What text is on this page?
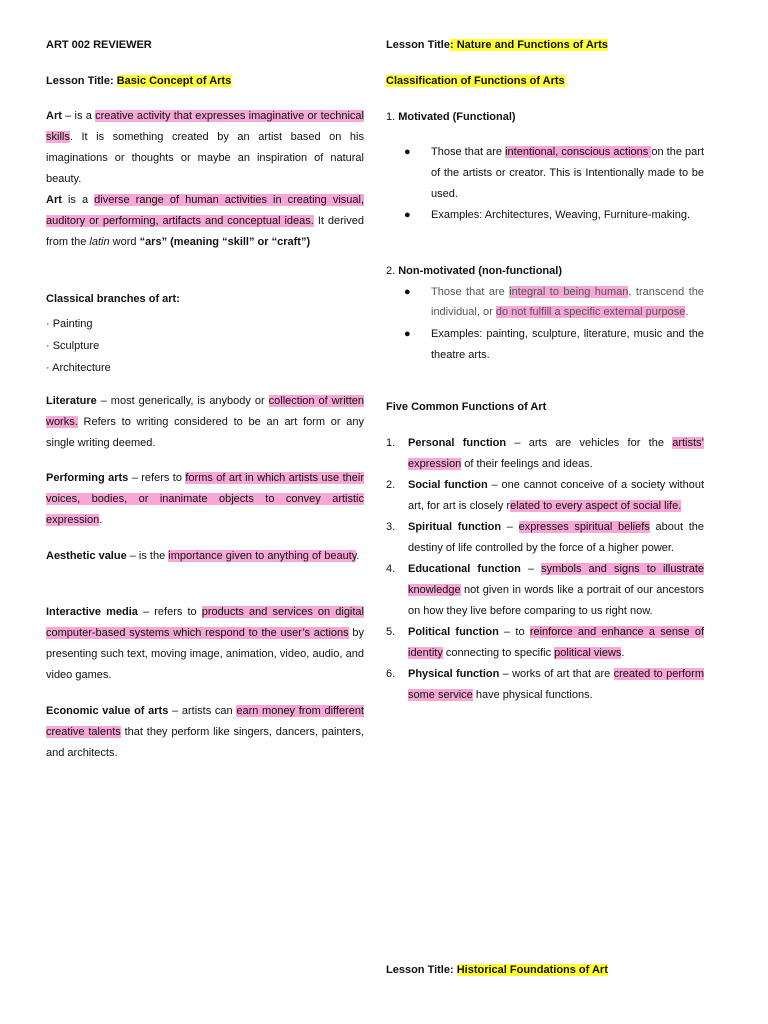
ART 002 REVIEWER
Lesson Title: Basic Concept of Arts
Art – is a creative activity that expresses imaginative or technical skills. It is something created by an artist based on his imaginations or thoughts or maybe an inspiration of natural beauty.
Art is a diverse range of human activities in creating visual, auditory or performing, artifacts and conceptual ideas. It derived from the latin word “ars” (meaning “skill” or “craft”)
Classical branches of art:
· Painting
· Sculpture
· Architecture
Literature – most generically, is anybody or collection of written works. Refers to writing considered to be an art form or any single writing deemed.
Performing arts – refers to forms of art in which artists use their voices, bodies, or inanimate objects to convey artistic expression.
Aesthetic value – is the importance given to anything of beauty.
Interactive media – refers to products and services on digital computer-based systems which respond to the user’s actions by presenting such text, moving image, animation, video, audio, and video games.
Economic value of arts – artists can earn money from different creative talents that they perform like singers, dancers, painters, and architects.
Lesson Title: Nature and Functions of Arts
Classification of Functions of Arts
1. Motivated (Functional)
● Those that are intentional, conscious actions on the part of the artists or creator. This is Intentionally made to be used.
● Examples: Architectures, Weaving, Furniture-making.
2. Non-motivated (non-functional)
● Those that are integral to being human, transcend the individual, or do not fulfill a specific external purpose.
● Examples: painting, sculpture, literature, music and the theatre arts.
Five Common Functions of Art
1. Personal function – arts are vehicles for the artists’ expression of their feelings and ideas.
2. Social function – one cannot conceive of a society without art, for art is closely related to every aspect of social life.
3. Spiritual function – expresses spiritual beliefs about the destiny of life controlled by the force of a higher power.
4. Educational function – symbols and signs to illustrate knowledge not given in words like a portrait of our ancestors on how they live before comparing to us right now.
5. Political function – to reinforce and enhance a sense of identity connecting to specific political views.
6. Physical function – works of art that are created to perform some service have physical functions.
Lesson Title: Historical Foundations of Art
